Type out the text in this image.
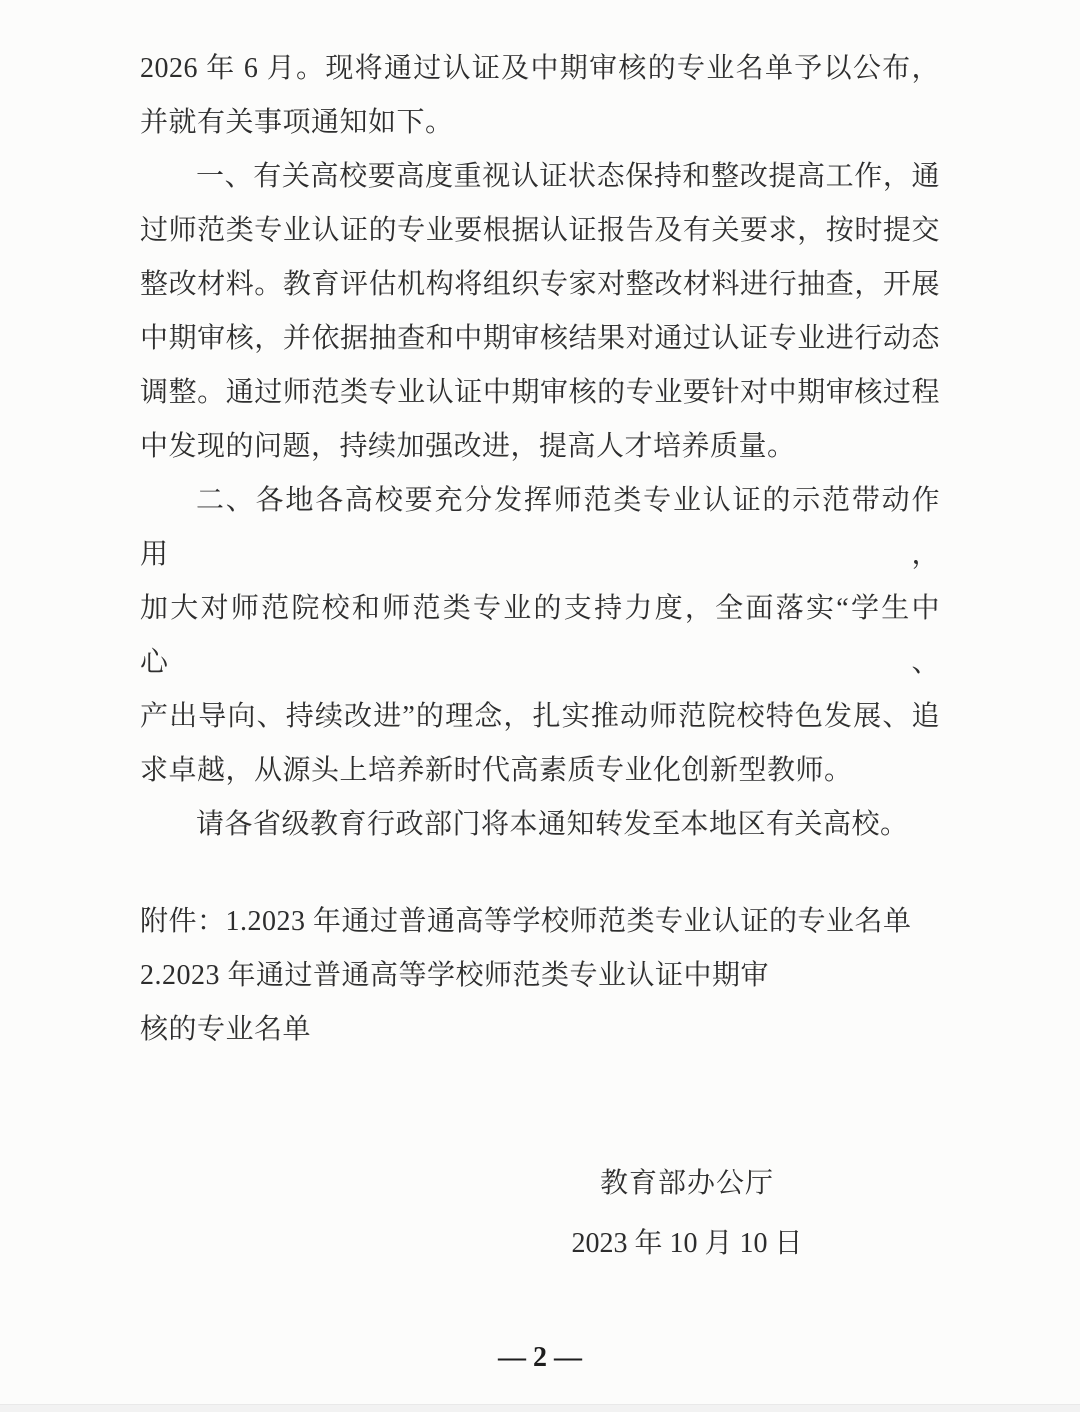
2026 年 6 月。现将通过认证及中期审核的专业名单予以公布，

并就有关事项通知如下。

一、有关高校要高度重视认证状态保持和整改提高工作，通

过师范类专业认证的专业要根据认证报告及有关要求，按时提交

整改材料。教育评估机构将组织专家对整改材料进行抽查，开展

中期审核，并依据抽查和中期审核结果对通过认证专业进行动态

调整。通过师范类专业认证中期审核的专业要针对中期审核过程

中发现的问题，持续加强改进，提高人才培养质量。

二、各地各高校要充分发挥师范类专业认证的示范带动作用，

加大对师范院校和师范类专业的支持力度，全面落实“学生中心、

产出导向、持续改进”的理念，扎实推动师范院校特色发展、追

求卓越，从源头上培养新时代高素质专业化创新型教师。

请各省级教育行政部门将本通知转发至本地区有关高校。

附件：1.2023 年通过普通高等学校师范类专业认证的专业名单

2.2023 年通过普通高等学校师范类专业认证中期审

核的专业名单

教育部办公厅

2023 年 10 月 10 日

— 2 —
